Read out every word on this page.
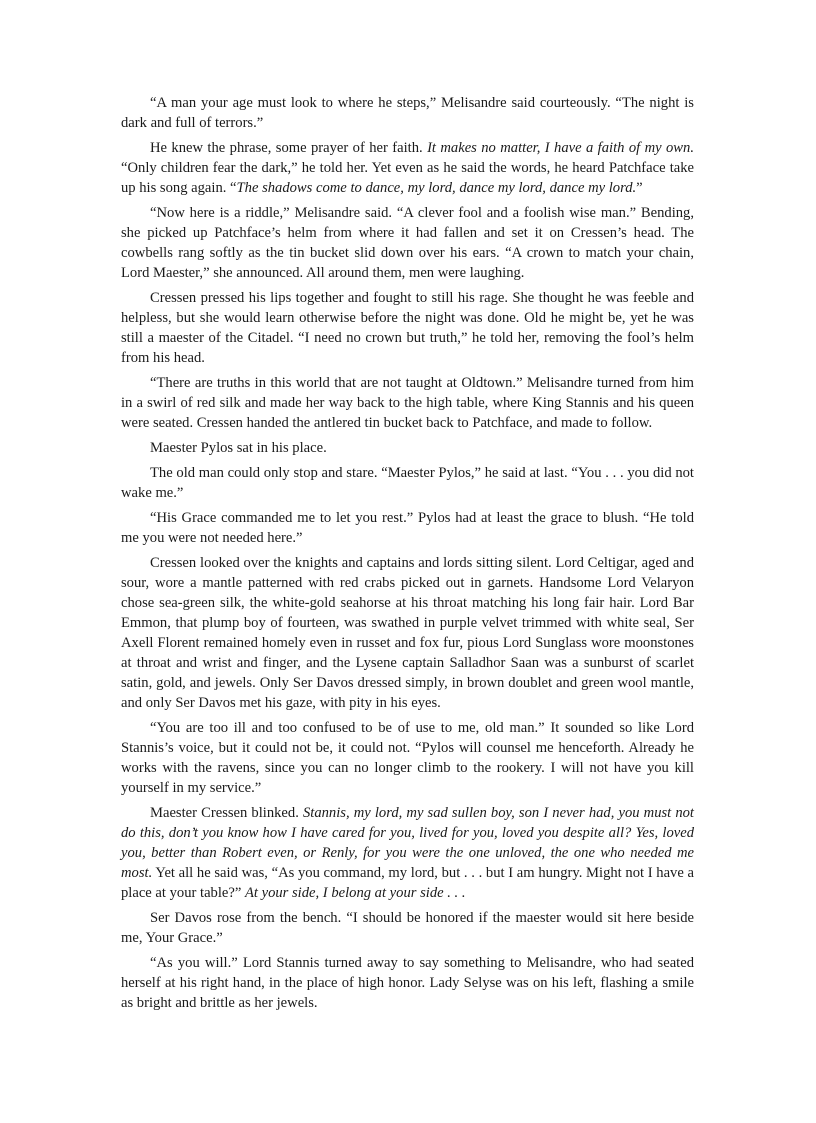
“A man your age must look to where he steps,” Melisandre said courteously. “The night is dark and full of terrors.”

He knew the phrase, some prayer of her faith. It makes no matter, I have a faith of my own. “Only children fear the dark,” he told her. Yet even as he said the words, he heard Patchface take up his song again. “The shadows come to dance, my lord, dance my lord, dance my lord.”

“Now here is a riddle,” Melisandre said. “A clever fool and a foolish wise man.” Bending, she picked up Patchface’s helm from where it had fallen and set it on Cressen’s head. The cowbells rang softly as the tin bucket slid down over his ears. “A crown to match your chain, Lord Maester,” she announced. All around them, men were laughing.

Cressen pressed his lips together and fought to still his rage. She thought he was feeble and helpless, but she would learn otherwise before the night was done. Old he might be, yet he was still a maester of the Citadel. “I need no crown but truth,” he told her, removing the fool’s helm from his head.

“There are truths in this world that are not taught at Oldtown.” Melisandre turned from him in a swirl of red silk and made her way back to the high table, where King Stannis and his queen were seated. Cressen handed the antlered tin bucket back to Patchface, and made to follow.

Maester Pylos sat in his place.

The old man could only stop and stare. “Maester Pylos,” he said at last. “You . . . you did not wake me.”

“His Grace commanded me to let you rest.” Pylos had at least the grace to blush. “He told me you were not needed here.”

Cressen looked over the knights and captains and lords sitting silent. Lord Celtigar, aged and sour, wore a mantle patterned with red crabs picked out in garnets. Handsome Lord Velaryon chose sea-green silk, the white-gold seahorse at his throat matching his long fair hair. Lord Bar Emmon, that plump boy of fourteen, was swathed in purple velvet trimmed with white seal, Ser Axell Florent remained homely even in russet and fox fur, pious Lord Sunglass wore moonstones at throat and wrist and finger, and the Lysene captain Salladhor Saan was a sunburst of scarlet satin, gold, and jewels. Only Ser Davos dressed simply, in brown doublet and green wool mantle, and only Ser Davos met his gaze, with pity in his eyes.

“You are too ill and too confused to be of use to me, old man.” It sounded so like Lord Stannis’s voice, but it could not be, it could not. “Pylos will counsel me henceforth. Already he works with the ravens, since you can no longer climb to the rookery. I will not have you kill yourself in my service.”

Maester Cressen blinked. Stannis, my lord, my sad sullen boy, son I never had, you must not do this, don’t you know how I have cared for you, lived for you, loved you despite all? Yes, loved you, better than Robert even, or Renly, for you were the one unloved, the one who needed me most. Yet all he said was, “As you command, my lord, but . . . but I am hungry. Might not I have a place at your table?” At your side, I belong at your side . . .

Ser Davos rose from the bench. “I should be honored if the maester would sit here beside me, Your Grace.”

“As you will.” Lord Stannis turned away to say something to Melisandre, who had seated herself at his right hand, in the place of high honor. Lady Selyse was on his left, flashing a smile as bright and brittle as her jewels.
